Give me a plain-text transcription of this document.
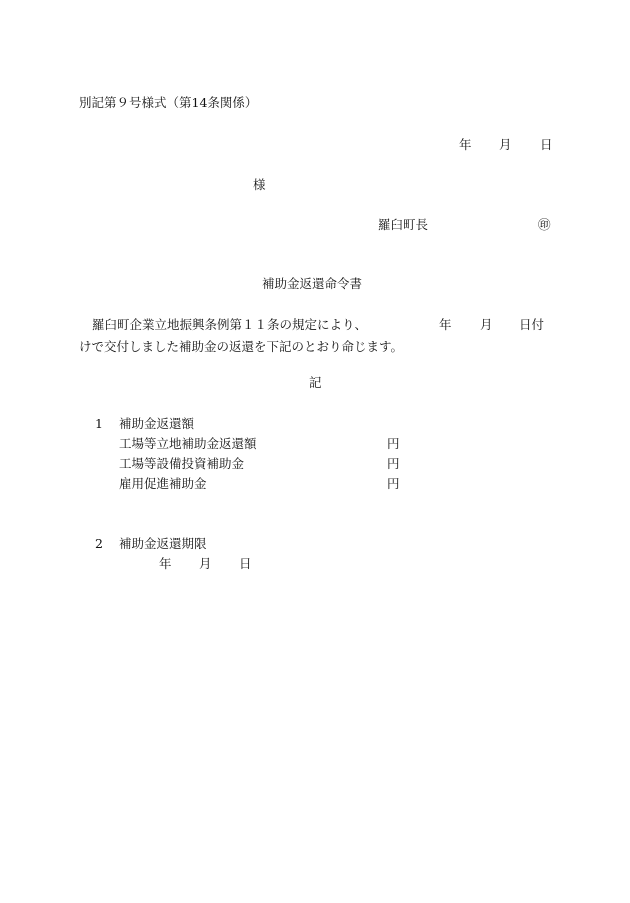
別記第９号様式（第14条関係）
年 月 日
様
羅臼町長	㊞
補助金返還命令書
羅臼町企業立地振興条例第１１条の規定により、	年 月 日付
けで交付しました補助金の返還を下記のとおり命じます。
記
1 補助金返還額
工場等立地補助金返還額	円
工場等設備投資補助金	円
雇用促進補助金	円
2 補助金返還期限
年 月 日
